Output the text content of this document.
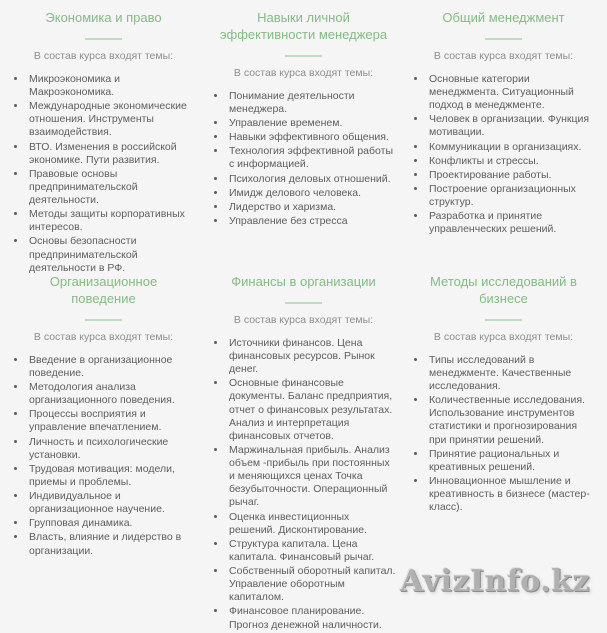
Экономика и право

В состав курса входят темы:

• Микроэкономика и Макроэкономика.
• Международные экономические отношения. Инструменты взаимодействия.
• ВТО. Изменения в российской экономике. Пути развития.
• Правовые основы предпринимательской деятельности.
• Методы защиты корпоративных интересов.
• Основы безопасности предпринимательской деятельности в РФ.
Навыки личной эффективности менеджера

В состав курса входят темы:

• Понимание деятельности менеджера.
• Управление временем.
• Навыки эффективного общения.
• Технология эффективной работы с информацией.
• Психология деловых отношений.
• Имидж делового человека.
• Лидерство и харизма.
• Управление без стресса
Общий менеджмент

В состав курса входят темы:

• Основные категории менеджмента. Ситуационный подход в менеджменте.
• Человек в организации. Функция мотивации.
• Коммуникации в организациях.
• Конфликты и стрессы.
• Проектирование работы.
• Построение организационных структур.
• Разработка и принятие управленческих решений.
Организационное поведение

В состав курса входят темы:

• Введение в организационное поведение.
• Методология анализа организационного поведения.
• Процессы восприятия и управление впечатлением.
• Личность и психологические установки.
• Трудовая мотивация: модели, приемы и проблемы.
• Индивидуальное и организационное научение.
• Групповая динамика.
• Власть, влияние и лидерство в организации.
Финансы в организации

В состав курса входят темы:

• Источники финансов. Цена финансовых ресурсов. Рынок денег.
• Основные финансовые документы. Баланс предприятия, отчет о финансовых результатах. Анализ и интерпретация финансовых отчетов.
• Маржинальная прибыль. Анализ объем -прибыль при постоянных и меняющихся ценах Точка безубыточности. Операционный рычаг.
• Оценка инвестиционных решений. Дисконтирование.
• Структура капитала. Цена капитала. Финансовый рычаг.
• Собственный оборотный капитал. Управление оборотным капиталом.
• Финансовое планирование. Прогноз денежной наличности.
Методы исследований в бизнесе

В состав курса входят темы:

• Типы исследований в менеджменте. Качественные исследования.
• Количественные исследования. Использование инструментов статистики и прогнозирования при принятии решений.
• Принятие рациональных и креативных решений.
• Инновационное мышление и креативность в бизнесе (мастер-класс).
AvizInfo.kz
